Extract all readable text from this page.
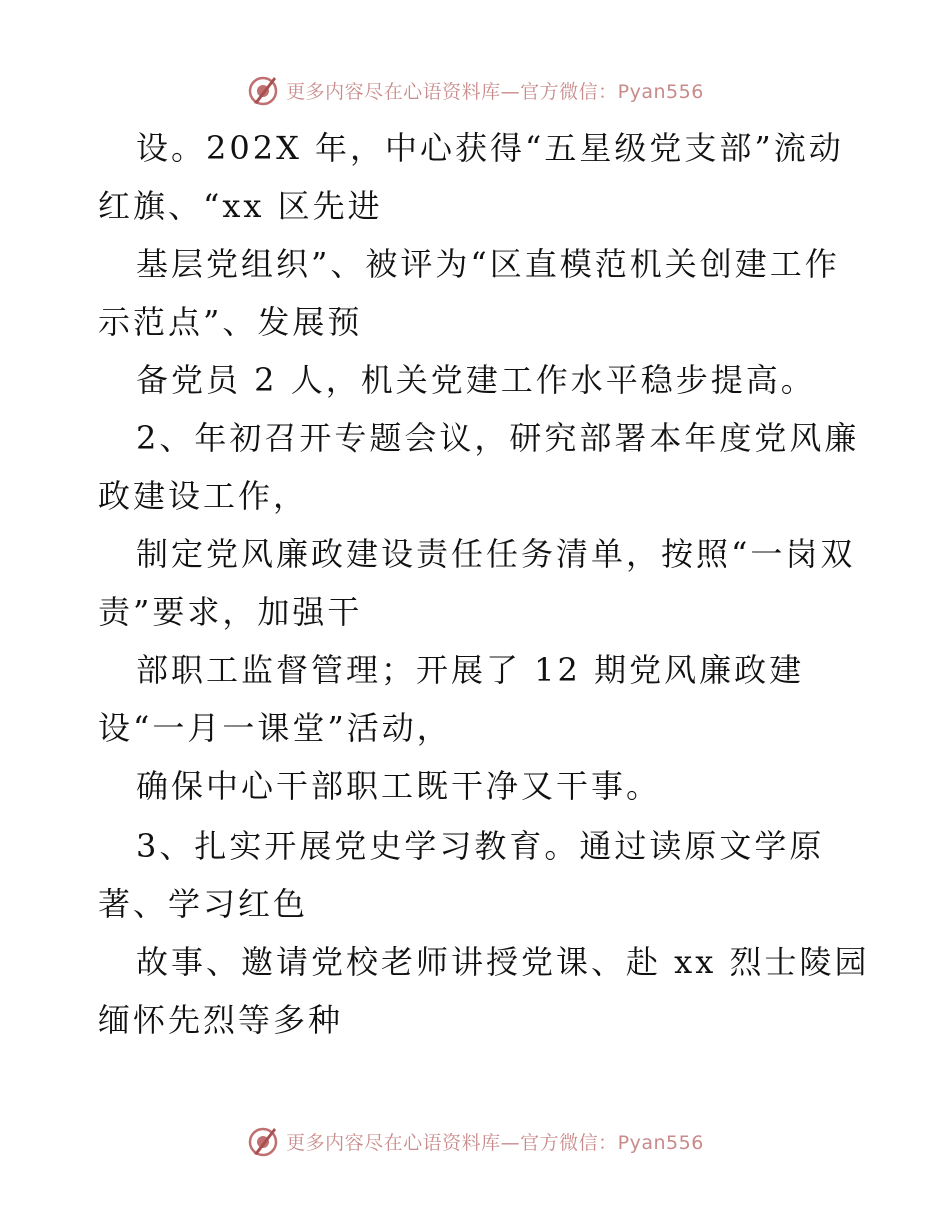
更多内容尽在心语资料库—官方微信：Pyan556
设。202X 年，中心获得“五星级党支部”流动
红旗、“xx 区先进
基层党组织”、被评为“区直模范机关创建工作
示范点”、发展预
备党员 2 人，机关党建工作水平稳步提高。
2、年初召开专题会议，研究部署本年度党风廉
政建设工作，
制定党风廉政建设责任任务清单，按照“一岗双
责”要求，加强干
部职工监督管理；开展了 12 期党风廉政建
设“一月一课堂”活动，
确保中心干部职工既干净又干事。
3、扎实开展党史学习教育。通过读原文学原
著、学习红色
故事、邀请党校老师讲授党课、赴 xx 烈士陵园
缅怀先烈等多种
更多内容尽在心语资料库—官方微信：Pyan556
